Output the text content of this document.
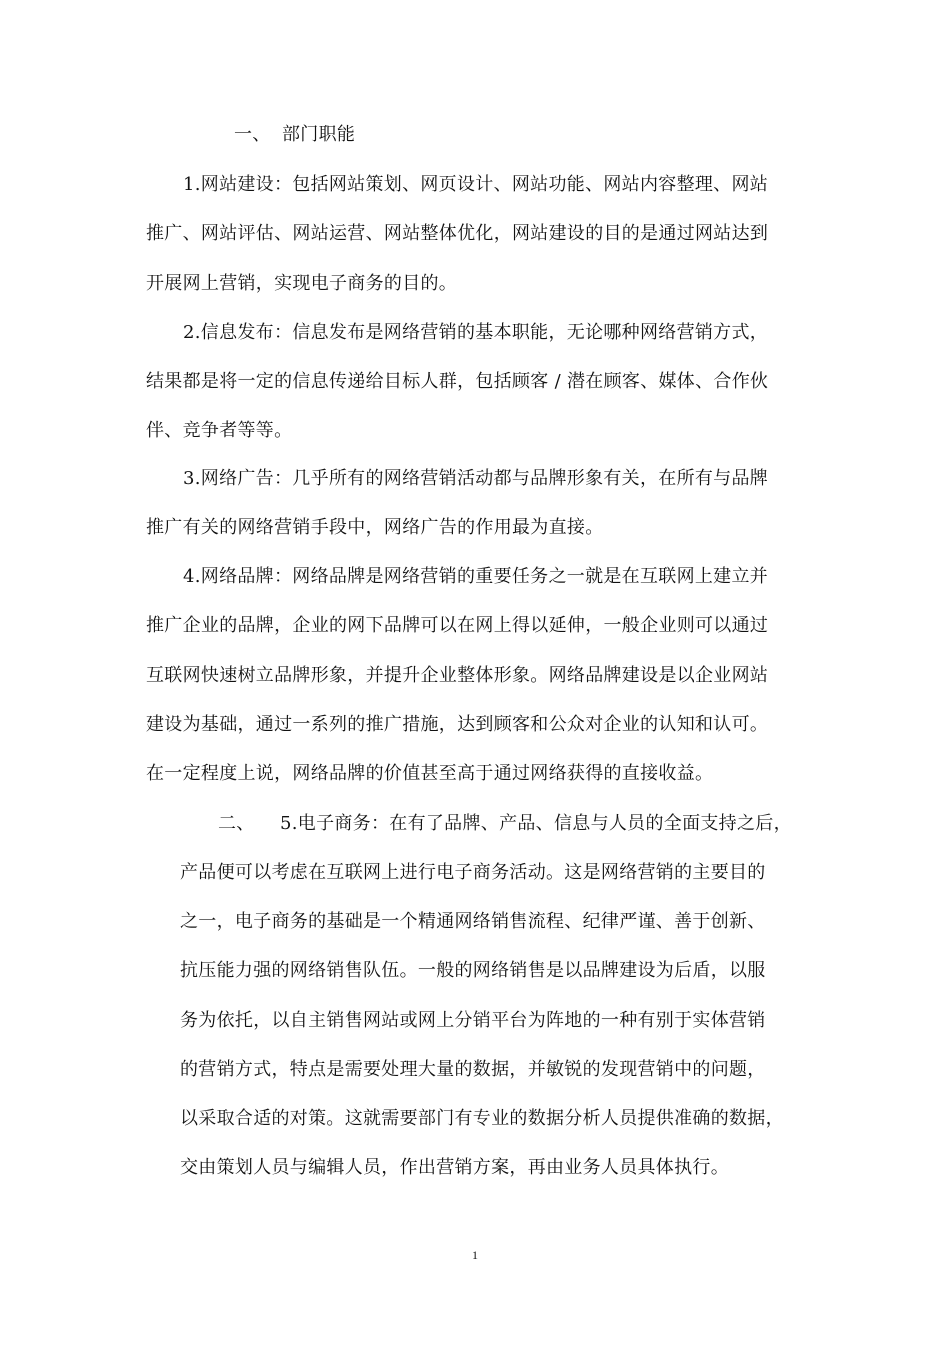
一、 部门职能
1.网站建设：包括网站策划、网页设计、网站功能、网站内容整理、网站
推广、网站评估、网站运营、网站整体优化，网站建设的目的是通过网站达到
开展网上营销，实现电子商务的目的。
2.信息发布：信息发布是网络营销的基本职能，无论哪种网络营销方式，
结果都是将一定的信息传递给目标人群，包括顾客 / 潜在顾客、媒体、合作伙
伴、竞争者等等。
3.网络广告：几乎所有的网络营销活动都与品牌形象有关，在所有与品牌
推广有关的网络营销手段中，网络广告的作用最为直接。
4.网络品牌：网络品牌是网络营销的重要任务之一就是在互联网上建立并
推广企业的品牌，企业的网下品牌可以在网上得以延伸，一般企业则可以通过
互联网快速树立品牌形象，并提升企业整体形象。网络品牌建设是以企业网站
建设为基础，通过一系列的推广措施，达到顾客和公众对企业的认知和认可。
在一定程度上说，网络品牌的价值甚至高于通过网络获得的直接收益。
二、 5.电子商务：在有了品牌、产品、信息与人员的全面支持之后，
产品便可以考虑在互联网上进行电子商务活动。这是网络营销的主要目的
之一，电子商务的基础是一个精通网络销售流程、纪律严谨、善于创新、
抗压能力强的网络销售队伍。一般的网络销售是以品牌建设为后盾，以服
务为依托，以自主销售网站或网上分销平台为阵地的一种有别于实体营销
的营销方式，特点是需要处理大量的数据，并敏锐的发现营销中的问题，
以采取合适的对策。这就需要部门有专业的数据分析人员提供准确的数据，
交由策划人员与编辑人员，作出营销方案，再由业务人员具体执行。
1
